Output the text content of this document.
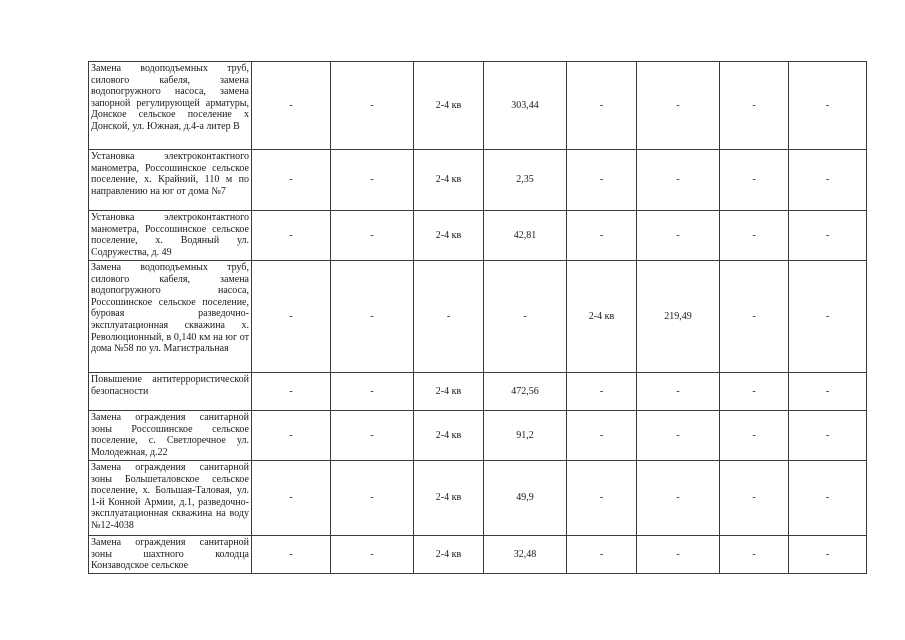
Замена водоподъемных труб, силового кабеля, замена водопогружного насоса, замена запорной регулирующей арматуры, Донское сельское поселение х Донской, ул. Южная, д.4-а литер В	-	-	2-4 кв	303,44	-	-	-	-
Установка электроконтактного манометра, Россошинское сельское поселение, х. Крайний, 110 м по направлению на юг от дома №7	-	-	2-4 кв	2,35	-	-	-	-
Установка электроконтактного манометра, Россошинское сельское поселение, х. Водяный ул. Содружества, д. 49	-	-	2-4 кв	42,81	-	-	-	-
Замена водоподъемных труб, силового кабеля, замена водопогружного насоса, Россошинское сельское поселение, буровая разведочно-эксплуатационная скважина х. Революционный, в 0,140 км на юг от дома №58 по ул. Магистральная	-	-	-	-	2-4 кв	219,49	-	-
Повышение антитеррористической безопасности	-	-	2-4 кв	472,56	-	-	-	-
Замена ограждения санитарной зоны Россошинское сельское поселение, с. Светлоречное ул. Молодежная, д.22	-	-	2-4 кв	91,2	-	-	-	-
Замена ограждения санитарной зоны Большеталовское сельское поселение, х. Большая-Таловая, ул. 1-й Конной Армии, д.1, разведочно-эксплуатационная скважина на воду №12-4038	-	-	2-4 кв	49,9	-	-	-	-
Замена ограждения санитарной зоны шахтного колодца Конзаводское сельское	-	-	2-4 кв	32,48	-	-	-	-
